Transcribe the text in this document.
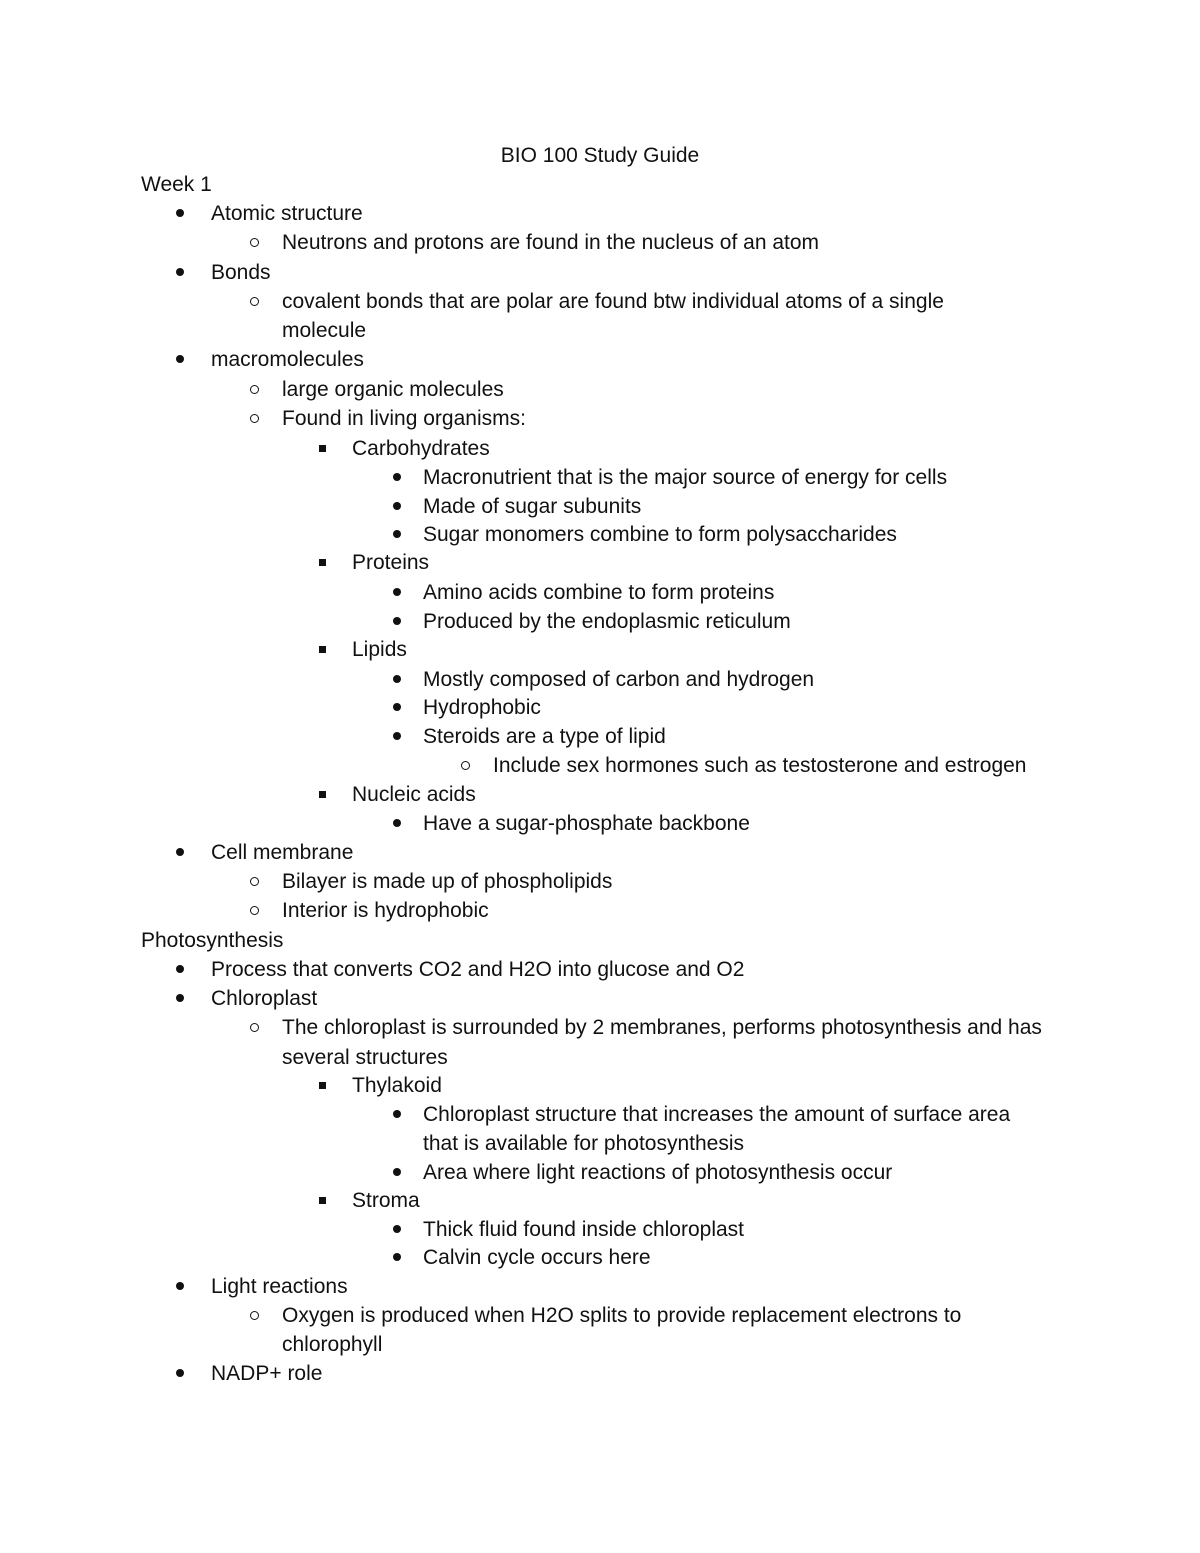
BIO 100 Study Guide
Week 1
Atomic structure
Neutrons and protons are found in the nucleus of an atom
Bonds
covalent bonds that are polar are found btw individual atoms of a single
molecule
macromolecules
large organic molecules
Found in living organisms:
Carbohydrates
Macronutrient that is the major source of energy for cells
Made of sugar subunits
Sugar monomers combine to form polysaccharides
Proteins
Amino acids combine to form proteins
Produced by the endoplasmic reticulum
Lipids
Mostly composed of carbon and hydrogen
Hydrophobic
Steroids are a type of lipid
Include sex hormones such as testosterone and estrogen
Nucleic acids
Have a sugar-phosphate backbone
Cell membrane
Bilayer is made up of phospholipids
Interior is hydrophobic
Photosynthesis
Process that converts CO2 and H2O into glucose and O2
Chloroplast
The chloroplast is surrounded by 2 membranes, performs photosynthesis and has
several structures
Thylakoid
Chloroplast structure that increases the amount of surface area
that is available for photosynthesis
Area where light reactions of photosynthesis occur
Stroma
Thick fluid found inside chloroplast
Calvin cycle occurs here
Light reactions
Oxygen is produced when H2O splits to provide replacement electrons to
chlorophyll
NADP+ role
